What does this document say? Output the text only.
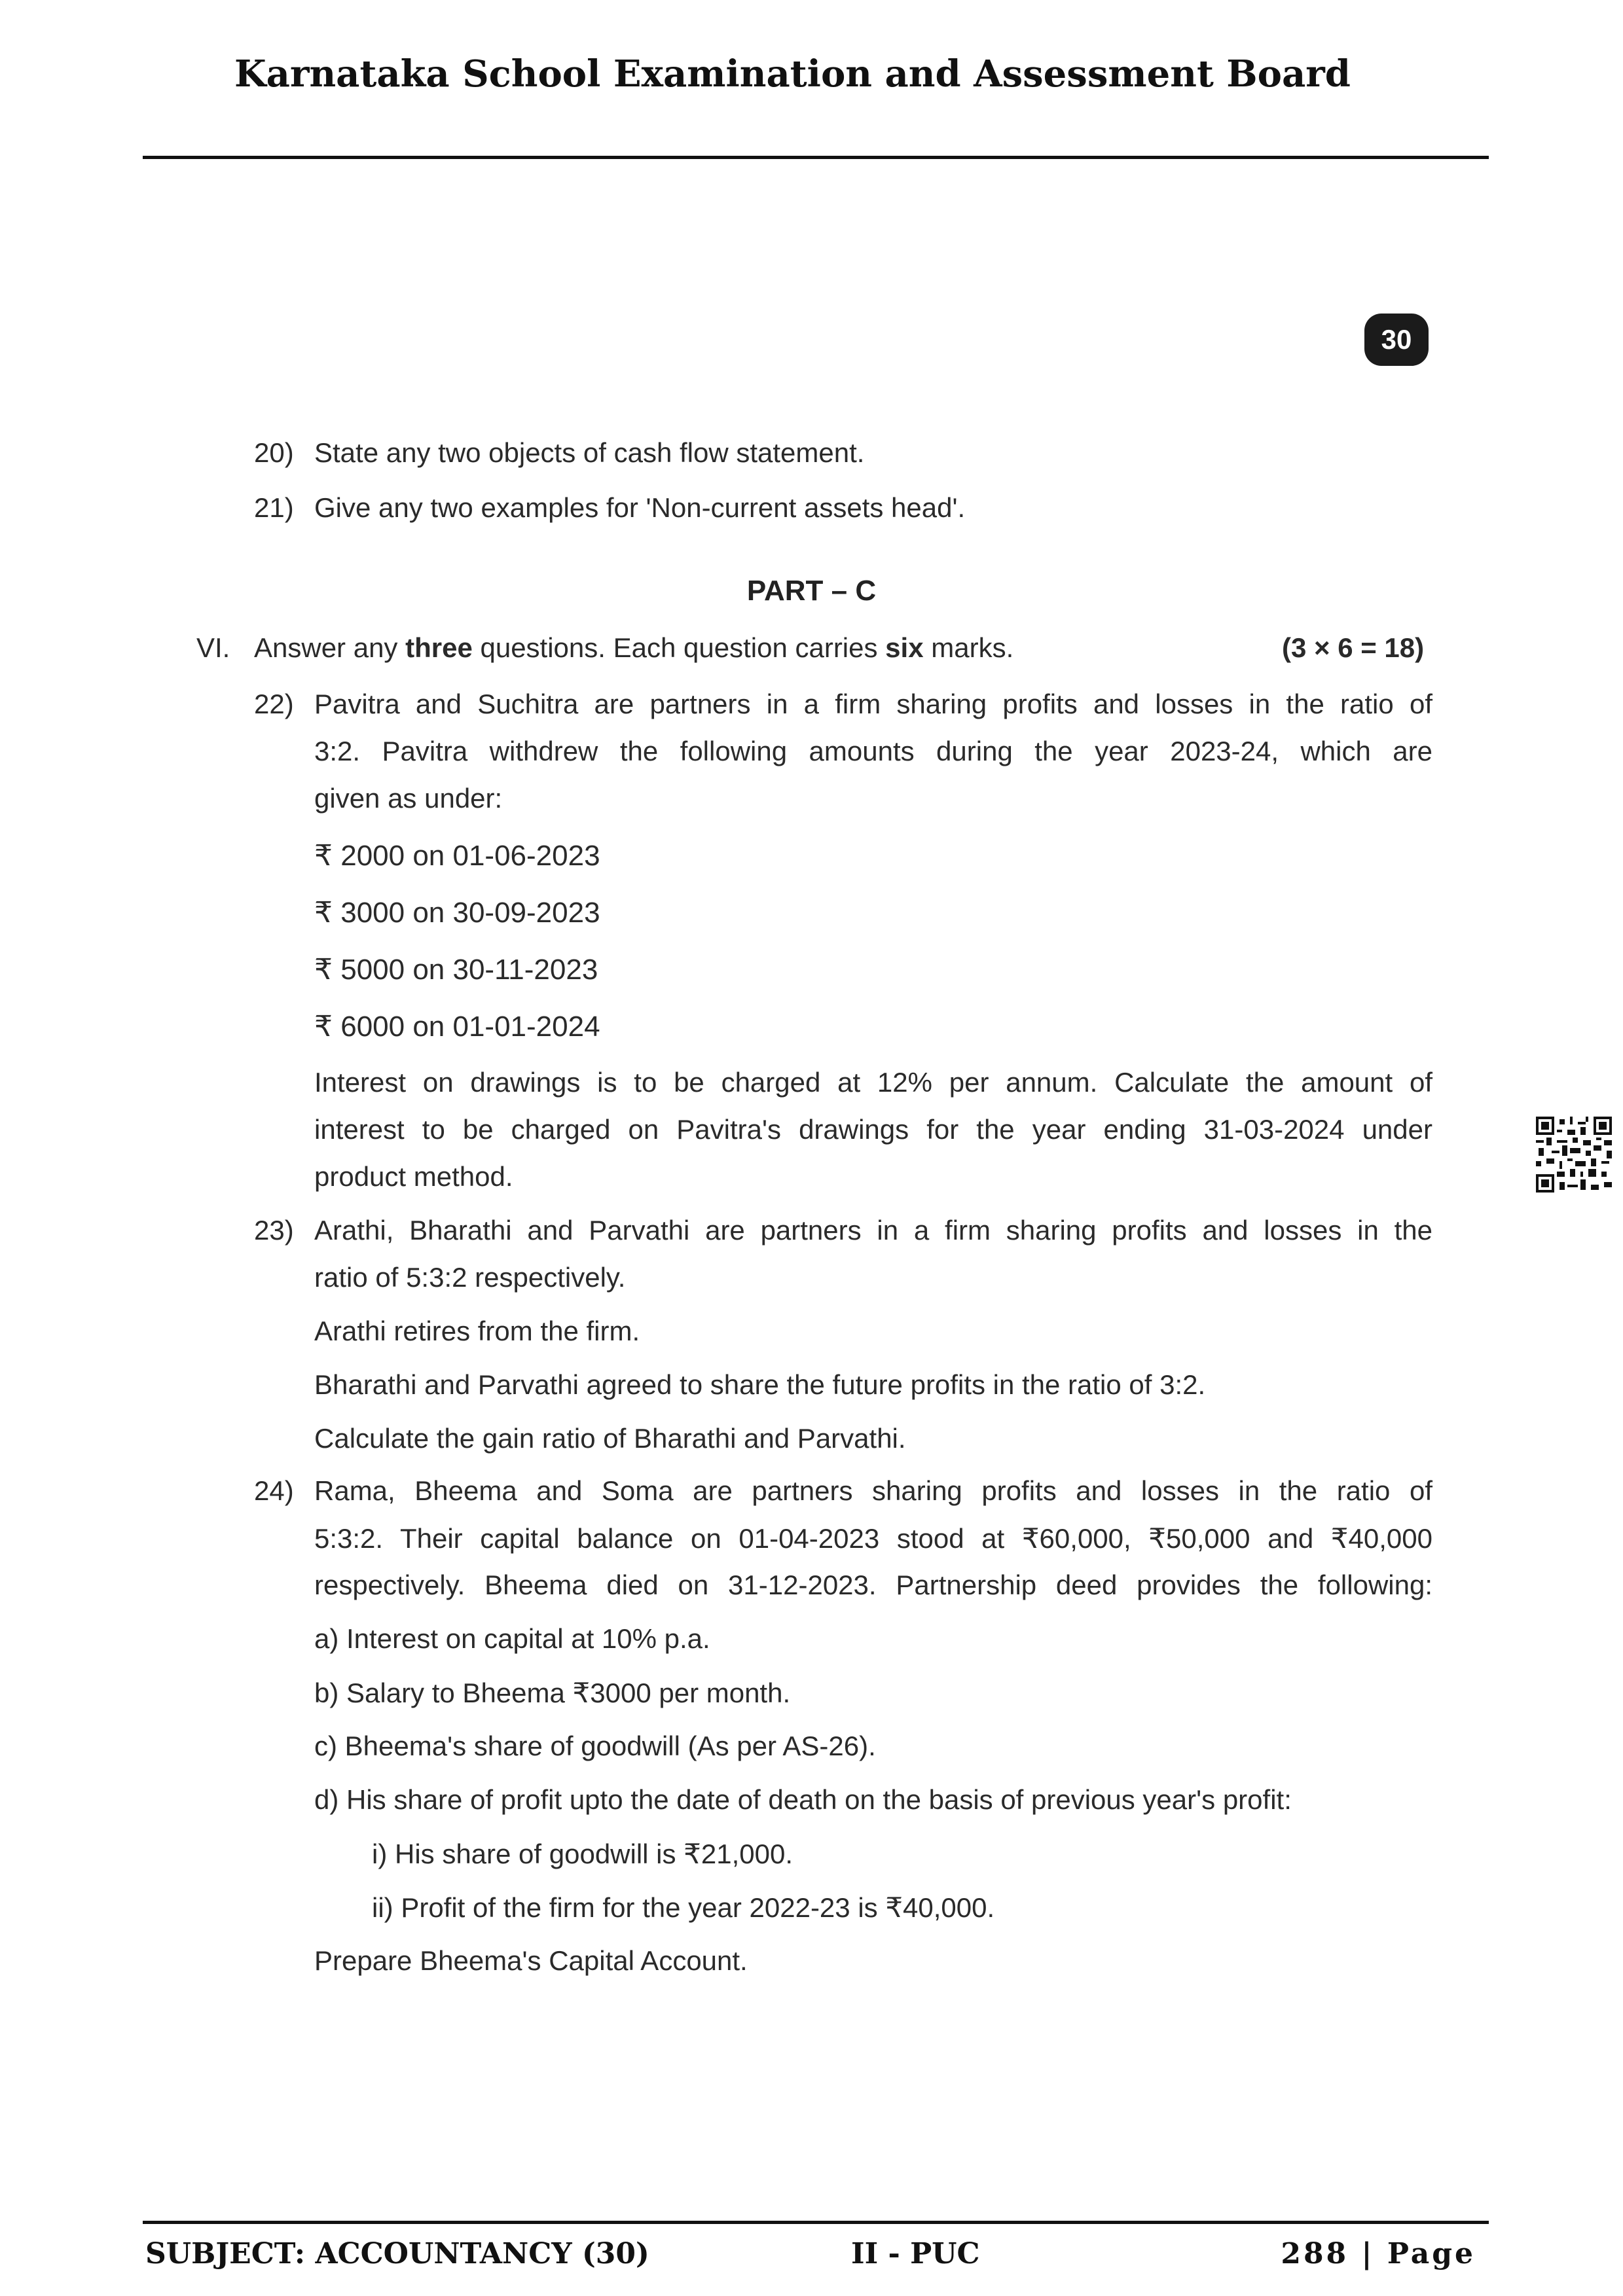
Karnataka School Examination and Assessment Board
30
20) State any two objects of cash flow statement.
21) Give any two examples for 'Non-current assets head'.
PART – C
VI. Answer any three questions. Each question carries six marks.	(3 × 6 = 18)
22) Pavitra and Suchitra are partners in a firm sharing profits and losses in the ratio of
3:2. Pavitra withdrew the following amounts during the year 2023-24, which are
given as under:
₹ 2000 on 01-06-2023
₹ 3000 on 30-09-2023
₹ 5000 on 30-11-2023
₹ 6000 on 01-01-2024
Interest on drawings is to be charged at 12% per annum. Calculate the amount of
interest to be charged on Pavitra's drawings for the year ending 31-03-2024 under
product method.
23) Arathi, Bharathi and Parvathi are partners in a firm sharing profits and losses in the
ratio of 5:3:2 respectively.
Arathi retires from the firm.
Bharathi and Parvathi agreed to share the future profits in the ratio of 3:2.
Calculate the gain ratio of Bharathi and Parvathi.
24) Rama, Bheema and Soma are partners sharing profits and losses in the ratio of
5:3:2. Their capital balance on 01-04-2023 stood at ₹60,000, ₹50,000 and ₹40,000
respectively. Bheema died on 31-12-2023. Partnership deed provides the following:
a) Interest on capital at 10% p.a.
b) Salary to Bheema ₹3000 per month.
c) Bheema's share of goodwill (As per AS-26).
d) His share of profit upto the date of death on the basis of previous year's profit:
i) His share of goodwill is ₹21,000.
ii) Profit of the firm for the year 2022-23 is ₹40,000.
Prepare Bheema's Capital Account.
SUBJECT: ACCOUNTANCY (30)	II - PUC	288 | Page
